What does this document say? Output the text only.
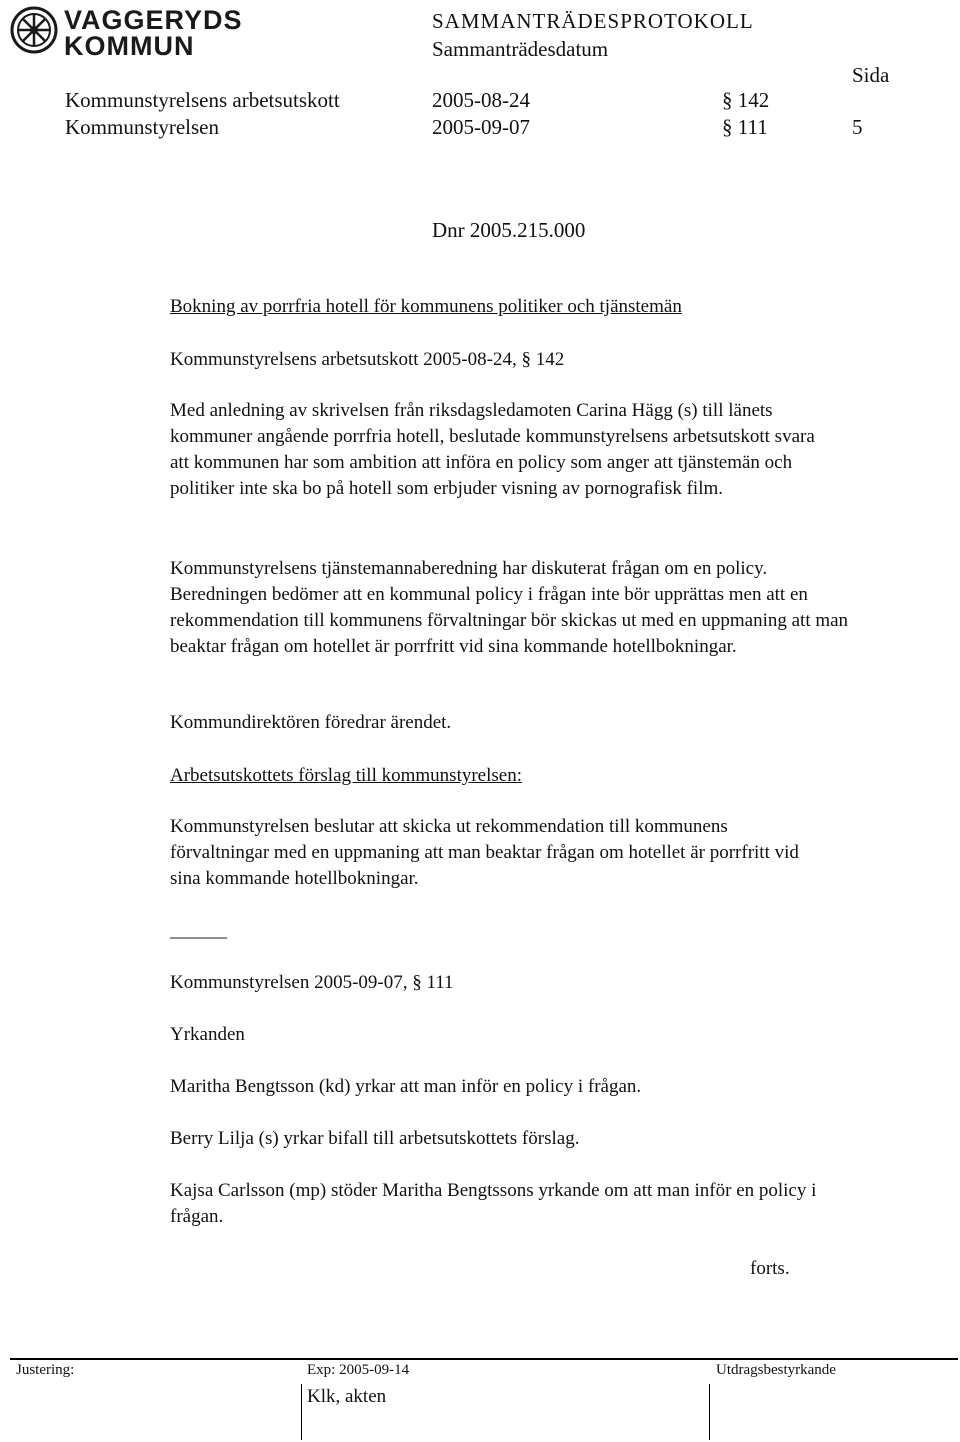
VAGGERYDS
KOMMUN
SAMMANTRÄDESPROTOKOLL
Sammanträdesdatum
Sida
Kommunstyrelsens arbetsutskott	2005-08-24	§ 142
Kommunstyrelsen	2005-09-07	§ 111	5
Dnr 2005.215.000
Bokning av porrfria hotell för kommunens politiker och tjänstemän
Kommunstyrelsens arbetsutskott 2005-08-24, § 142
Med anledning av skrivelsen från riksdagsledamoten Carina Hägg (s) till länets kommuner angående porrfria hotell, beslutade kommunstyrelsens arbetsutskott svara att kommunen har som ambition att införa en policy som anger att tjänstemän och politiker inte ska bo på hotell som erbjuder visning av pornografisk film.
Kommunstyrelsens tjänstemannaberedning har diskuterat frågan om en policy. Beredningen bedömer att en kommunal policy i frågan inte bör upprättas men att en rekommendation till kommunens förvaltningar bör skickas ut med en uppmaning att man beaktar frågan om hotellet är porrfritt vid sina kommande hotellbokningar.
Kommundirektören föredrar ärendet.
Arbetsutskottets förslag till kommunstyrelsen:
Kommunstyrelsen beslutar att skicka ut rekommendation till kommunens förvaltningar med en uppmaning att man beaktar frågan om hotellet är porrfritt vid sina kommande hotellbokningar.
______
Kommunstyrelsen 2005-09-07, § 111
Yrkanden
Maritha Bengtsson (kd) yrkar att man inför en policy i frågan.
Berry Lilja (s) yrkar bifall till arbetsutskottets förslag.
Kajsa Carlsson (mp) stöder Maritha Bengtssons yrkande om att man inför en policy i frågan.
forts.
Justering:	Exp: 2005-09-14	Utdragsbestyrkande
Klk, akten
